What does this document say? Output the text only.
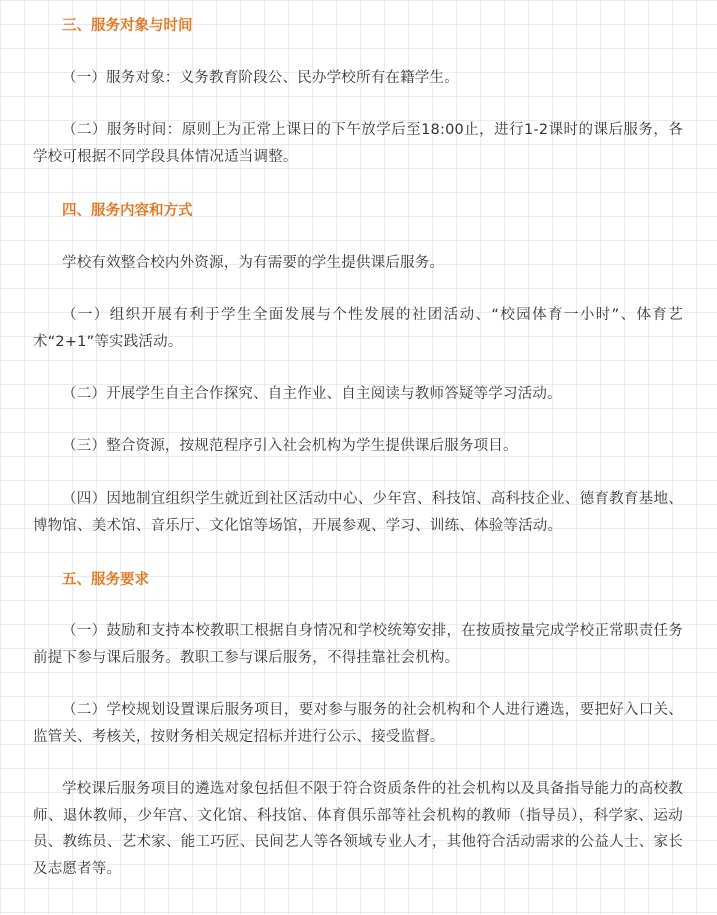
三、服务对象与时间

（一）服务对象：义务教育阶段公、民办学校所有在籍学生。

（二）服务时间：原则上为正常上课日的下午放学后至18:00止，进行1-2课时的课后服务，各学校可根据不同学段具体情况适当调整。

四、服务内容和方式

学校有效整合校内外资源，为有需要的学生提供课后服务。

（一）组织开展有利于学生全面发展与个性发展的社团活动、“校园体育一小时”、体育艺术“2+1”等实践活动。

（二）开展学生自主合作探究、自主作业、自主阅读与教师答疑等学习活动。

（三）整合资源，按规范程序引入社会机构为学生提供课后服务项目。

（四）因地制宜组织学生就近到社区活动中心、少年宫、科技馆、高科技企业、德育教育基地、博物馆、美术馆、音乐厅、文化馆等场馆，开展参观、学习、训练、体验等活动。

五、服务要求

（一）鼓励和支持本校教职工根据自身情况和学校统筹安排，在按质按量完成学校正常职责任务前提下参与课后服务。教职工参与课后服务，不得挂靠社会机构。

（二）学校规划设置课后服务项目，要对参与服务的社会机构和个人进行遴选，要把好入口关、监管关、考核关，按财务相关规定招标并进行公示、接受监督。

学校课后服务项目的遴选对象包括但不限于符合资质条件的社会机构以及具备指导能力的高校教师、退休教师，少年宫、文化馆、科技馆、体育俱乐部等社会机构的教师（指导员），科学家、运动员、教练员、艺术家、能工巧匠、民间艺人等各领域专业人才，其他符合活动需求的公益人士、家长及志愿者等。
